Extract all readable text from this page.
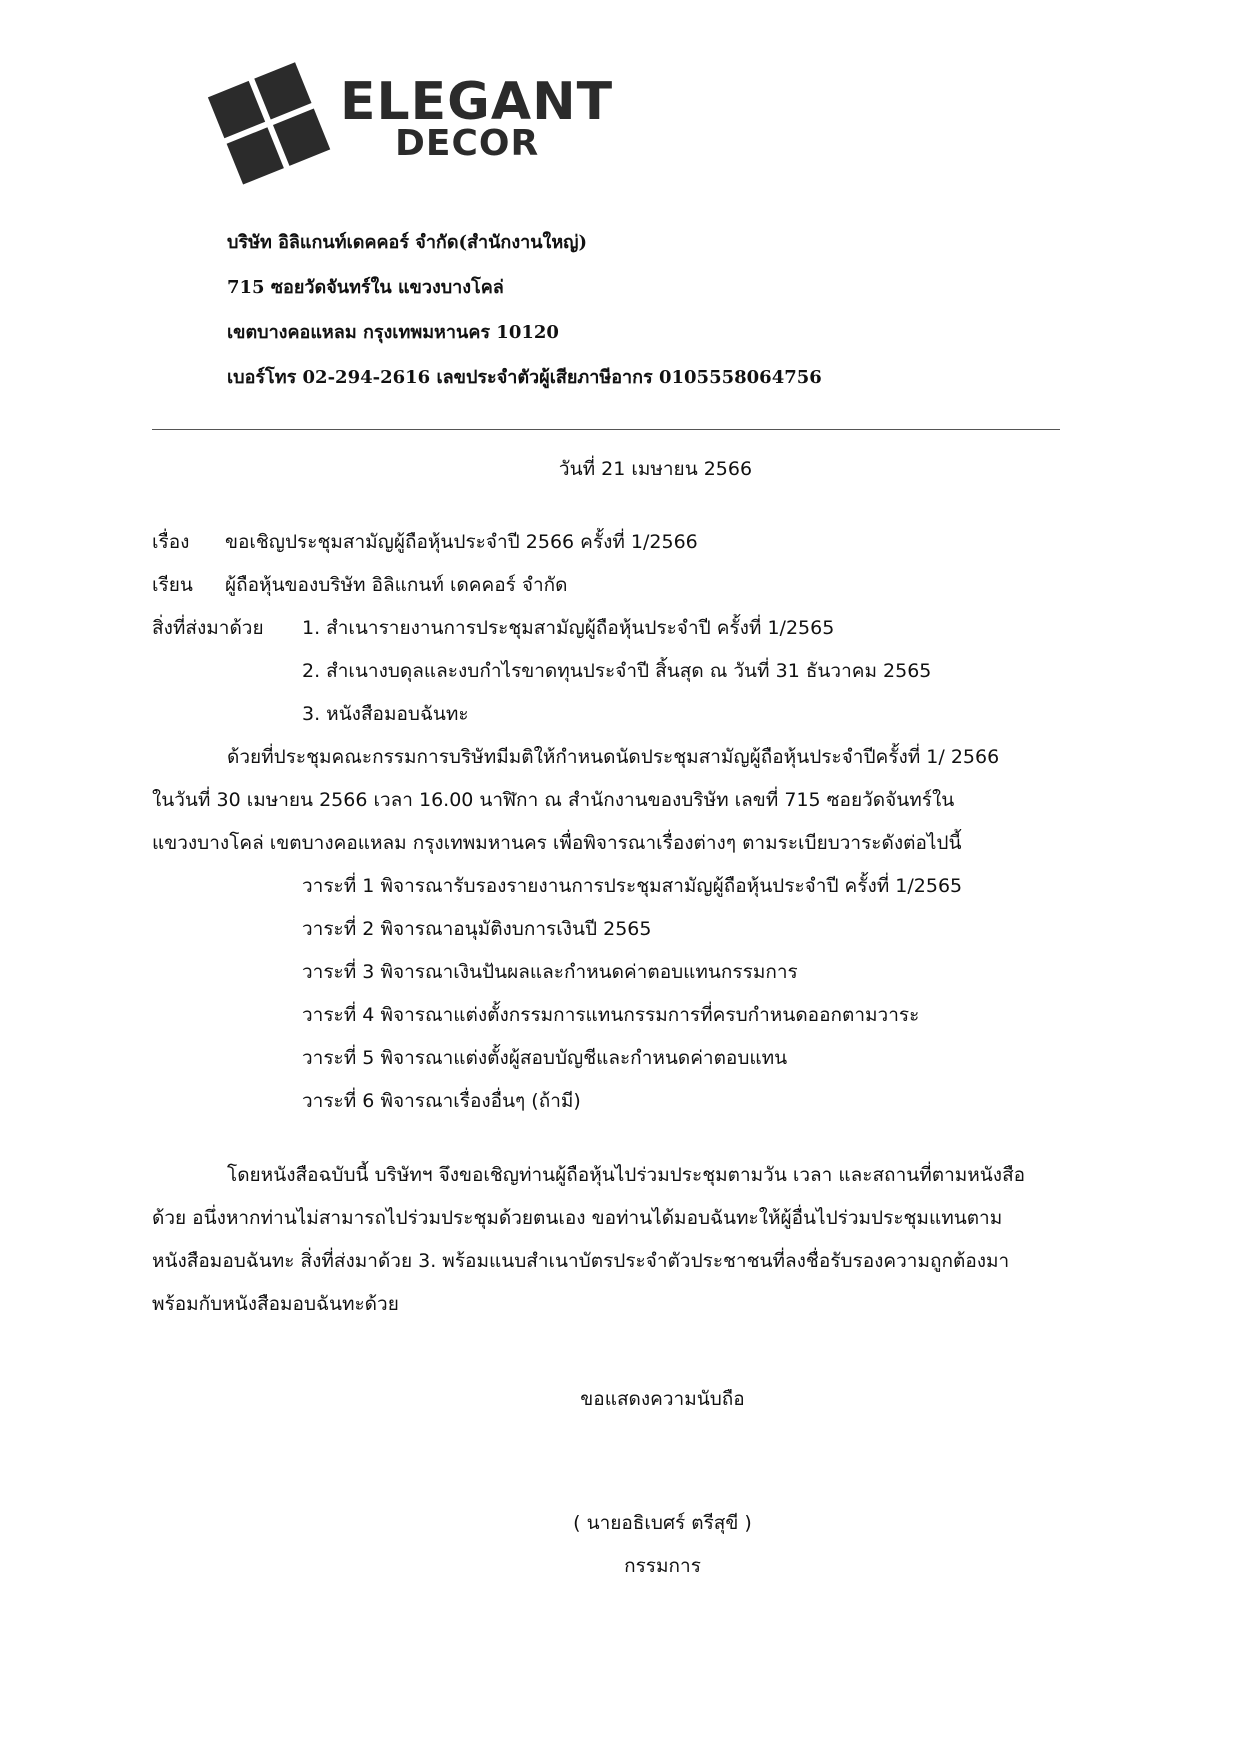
ELEGANT
DECOR
บริษัท อิลิแกนท์เดคคอร์ จำกัด(สำนักงานใหญ่)
715 ซอยวัดจันทร์ใน แขวงบางโคล่
เขตบางคอแหลม กรุงเทพมหานคร 10120
เบอร์โทร 02-294-2616 เลขประจำตัวผู้เสียภาษีอากร 0105558064756
วันที่ 21 เมษายน 2566
เรื่อง ขอเชิญประชุมสามัญผู้ถือหุ้นประจำปี 2566 ครั้งที่ 1/2566
เรียน ผู้ถือหุ้นของบริษัท อิลิแกนท์ เดคคอร์ จำกัด
สิ่งที่ส่งมาด้วย 1. สำเนารายงานการประชุมสามัญผู้ถือหุ้นประจำปี ครั้งที่ 1/2565
2. สำเนางบดุลและงบกำไรขาดทุนประจำปี สิ้นสุด ณ วันที่ 31 ธันวาคม 2565
3. หนังสือมอบฉันทะ
ด้วยที่ประชุมคณะกรรมการบริษัทมีมติให้กำหนดนัดประชุมสามัญผู้ถือหุ้นประจำปีครั้งที่ 1/ 2566
ในวันที่ 30 เมษายน 2566 เวลา 16.00 นาฬิกา ณ สำนักงานของบริษัท เลขที่ 715 ซอยวัดจันทร์ใน
แขวงบางโคล่ เขตบางคอแหลม กรุงเทพมหานคร เพื่อพิจารณาเรื่องต่างๆ ตามระเบียบวาระดังต่อไปนี้
วาระที่ 1 พิจารณารับรองรายงานการประชุมสามัญผู้ถือหุ้นประจำปี ครั้งที่ 1/2565
วาระที่ 2 พิจารณาอนุมัติงบการเงินปี 2565
วาระที่ 3 พิจารณาเงินปันผลและกำหนดค่าตอบแทนกรรมการ
วาระที่ 4 พิจารณาแต่งตั้งกรรมการแทนกรรมการที่ครบกำหนดออกตามวาระ
วาระที่ 5 พิจารณาแต่งตั้งผู้สอบบัญชีและกำหนดค่าตอบแทน
วาระที่ 6 พิจารณาเรื่องอื่นๆ (ถ้ามี)
โดยหนังสือฉบับนี้ บริษัทฯ จึงขอเชิญท่านผู้ถือหุ้นไปร่วมประชุมตามวัน เวลา และสถานที่ตามหนังสือ
ด้วย อนึ่งหากท่านไม่สามารถไปร่วมประชุมด้วยตนเอง ขอท่านได้มอบฉันทะให้ผู้อื่นไปร่วมประชุมแทนตาม
หนังสือมอบฉันทะ สิ่งที่ส่งมาด้วย 3. พร้อมแนบสำเนาบัตรประจำตัวประชาชนที่ลงชื่อรับรองความถูกต้องมา
พร้อมกับหนังสือมอบฉันทะด้วย
ขอแสดงความนับถือ
( นายอธิเบศร์ ตรีสุขี )
กรรมการ
